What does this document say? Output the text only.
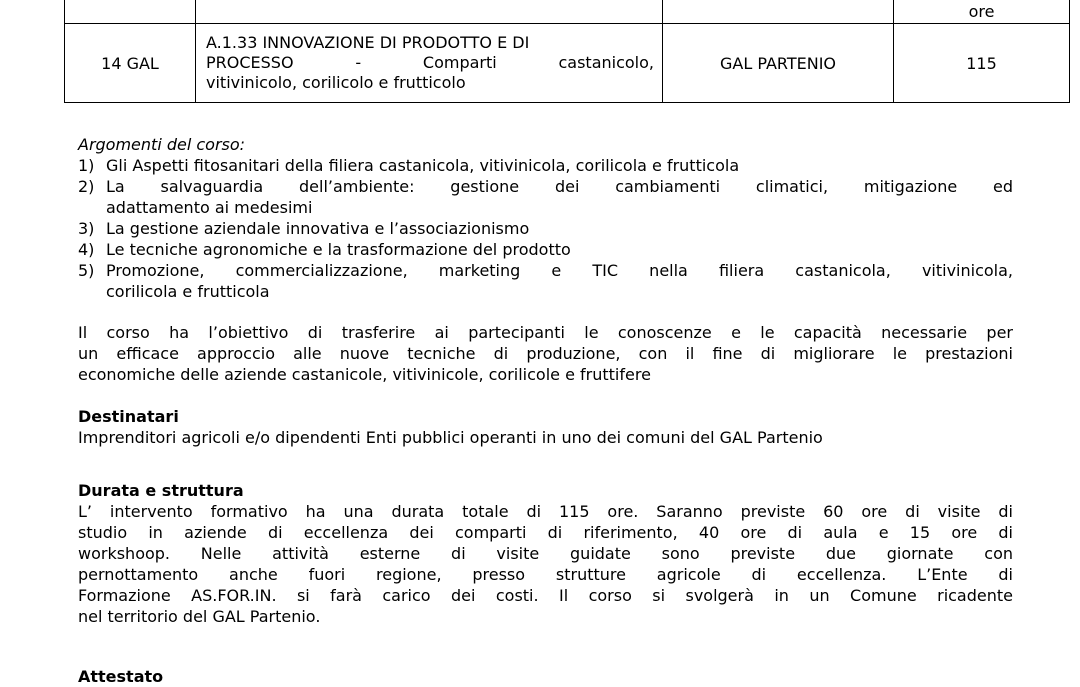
			ore
14 GAL	A.1.33 INNOVAZIONE DI PRODOTTO E DI
PROCESSO - Comparti castanicolo,
vitivinicolo, corilicolo e frutticolo	GAL PARTENIO	115
Argomenti del corso:
1) Gli Aspetti fitosanitari della filiera castanicola, vitivinicola, corilicola e frutticola
2) La salvaguardia dell’ambiente: gestione dei cambiamenti climatici, mitigazione ed
adattamento ai medesimi
3) La gestione aziendale innovativa e l’associazionismo
4) Le tecniche agronomiche e la trasformazione del prodotto
5) Promozione, commercializzazione, marketing e TIC nella filiera castanicola, vitivinicola,
corilicola e frutticola
Il corso ha l’obiettivo di trasferire ai partecipanti le conoscenze e le capacità necessarie per
un efficace approccio alle nuove tecniche di produzione, con il fine di migliorare le prestazioni
economiche delle aziende castanicole, vitivinicole, corilicole e fruttifere
Destinatari
Imprenditori agricoli e/o dipendenti Enti pubblici operanti in uno dei comuni del GAL Partenio
Durata e struttura
L’ intervento formativo ha una durata totale di 115 ore. Saranno previste 60 ore di visite di
studio in aziende di eccellenza dei comparti di riferimento, 40 ore di aula e 15 ore di
workshoop. Nelle attività esterne di visite guidate sono previste due giornate con
pernottamento anche fuori regione, presso strutture agricole di eccellenza. L’Ente di
Formazione AS.FOR.IN. si farà carico dei costi. Il corso si svolgerà in un Comune ricadente
nel territorio del GAL Partenio.
Attestato
